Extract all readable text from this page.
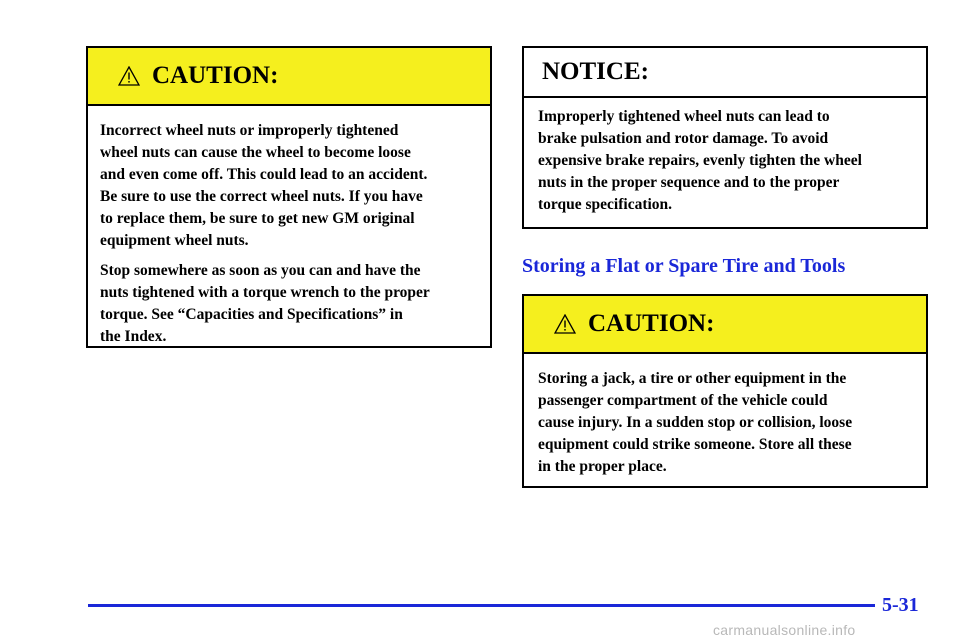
CAUTION:

Incorrect wheel nuts or improperly tightened
wheel nuts can cause the wheel to become loose
and even come off. This could lead to an accident.
Be sure to use the correct wheel nuts. If you have
to replace them, be sure to get new GM original
equipment wheel nuts.

Stop somewhere as soon as you can and have the
nuts tightened with a torque wrench to the proper
torque. See “Capacities and Specifications” in
the Index.

NOTICE:

Improperly tightened wheel nuts can lead to
brake pulsation and rotor damage. To avoid
expensive brake repairs, evenly tighten the wheel
nuts in the proper sequence and to the proper
torque specification.

Storing a Flat or Spare Tire and Tools
CAUTION:

Storing a jack, a tire or other equipment in the
passenger compartment of the vehicle could
cause injury. In a sudden stop or collision, loose
equipment could strike someone. Store all these
in the proper place.

5-31
carmanualsonline.info
